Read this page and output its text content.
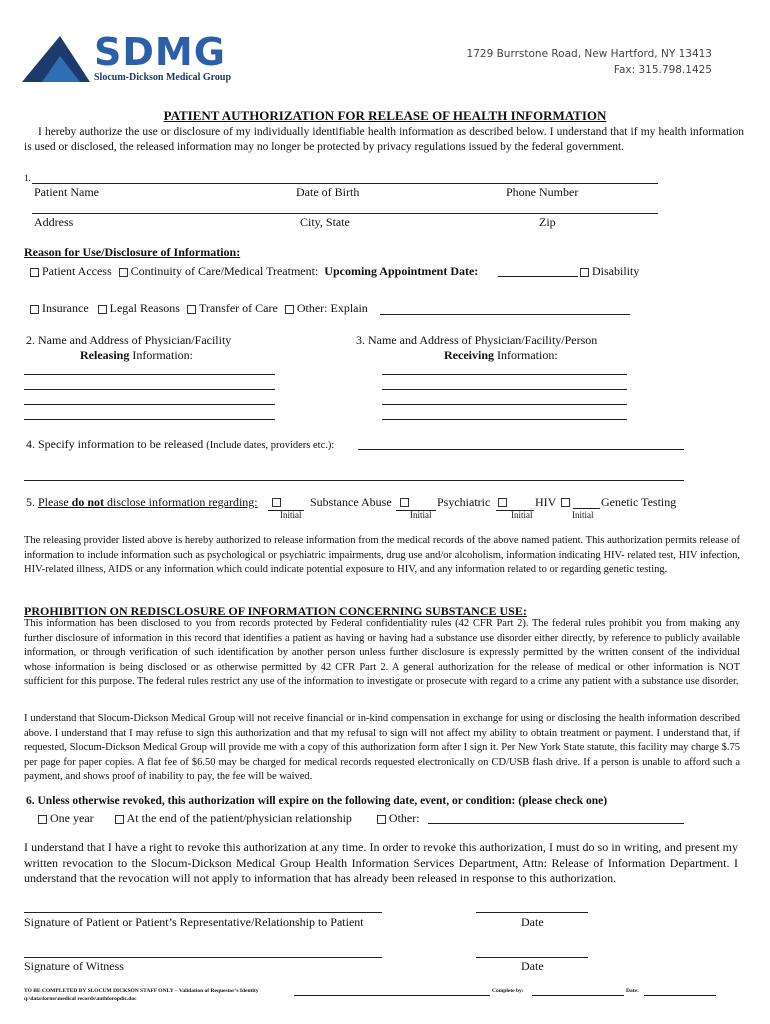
SDMG
Slocum-Dickson Medical Group
1729 Burrstone Road, New Hartford, NY 13413
Fax: 315.798.1425
PATIENT AUTHORIZATION FOR RELEASE OF HEALTH INFORMATION
I hereby authorize the use or disclosure of my individually identifiable health information as described below. I understand that if my health information is used or disclosed, the released information may no longer be protected by privacy regulations issued by the federal government.
1.
Patient Name	Date of Birth	Phone Number
Address	City, State	Zip
Reason for Use/Disclosure of Information:
Patient Access Continuity of Care/Medical Treatment: Upcoming Appointment Date:	Disability
Insurance Legal Reasons Transfer of Care Other: Explain
2. Name and Address of Physician/Facility
Releasing Information:
3. Name and Address of Physician/Facility/Person
Receiving Information:
4. Specify information to be released (Include dates, providers etc.):
5. Please do not disclose information regarding:
Initial
Substance Abuse
Initial
Psychiatric
Initial
HIV
Initial
Genetic Testing
The releasing provider listed above is hereby authorized to release information from the medical records of the above named patient. This authorization permits release of information to include information such as psychological or psychiatric impairments, drug use and/or alcoholism, information indicating HIV- related test, HIV infection, HIV-related illness, AIDS or any information which could indicate potential exposure to HIV, and any information related to or regarding genetic testing.
PROHIBITION ON REDISCLOSURE OF INFORMATION CONCERNING SUBSTANCE USE:
This information has been disclosed to you from records protected by Federal confidentiality rules (42 CFR Part 2). The federal rules prohibit you from making any further disclosure of information in this record that identifies a patient as having or having had a substance use disorder either directly, by reference to publicly available information, or through verification of such identification by another person unless further disclosure is expressly permitted by the written consent of the individual whose information is being disclosed or as otherwise permitted by 42 CFR Part 2. A general authorization for the release of medical or other information is NOT sufficient for this purpose. The federal rules restrict any use of the information to investigate or prosecute with regard to a crime any patient with a substance use disorder.
I understand that Slocum-Dickson Medical Group will not receive financial or in-kind compensation in exchange for using or disclosing the health information described above. I understand that I may refuse to sign this authorization and that my refusal to sign will not affect my ability to obtain treatment or payment. I understand that, if requested, Slocum-Dickson Medical Group will provide me with a copy of this authorization form after I sign it. Per New York State statute, this facility may charge $.75 per page for paper copies. A flat fee of $6.50 may be charged for medical records requested electronically on CD/USB flash drive. If a person is unable to afford such a payment, and shows proof of inability to pay, the fee will be waived.
6. Unless otherwise revoked, this authorization will expire on the following date, event, or condition: (please check one)
One year	At the end of the patient/physician relationship	Other:
I understand that I have a right to revoke this authorization at any time. In order to revoke this authorization, I must do so in writing, and present my written revocation to the Slocum-Dickson Medical Group Health Information Services Department, Attn: Release of Information Department. I understand that the revocation will not apply to information that has already been released in response to this authorization.
Signature of Patient or Patient’s Representative/Relationship to Patient	Date
Signature of Witness	Date
TO BE COMPLETED BY SLOCUM DICKSON STAFF ONLY – Validation of Requestor’s Identity	Complete by:	Date:
q:\data\forms\medical records\authforopdic.doc
